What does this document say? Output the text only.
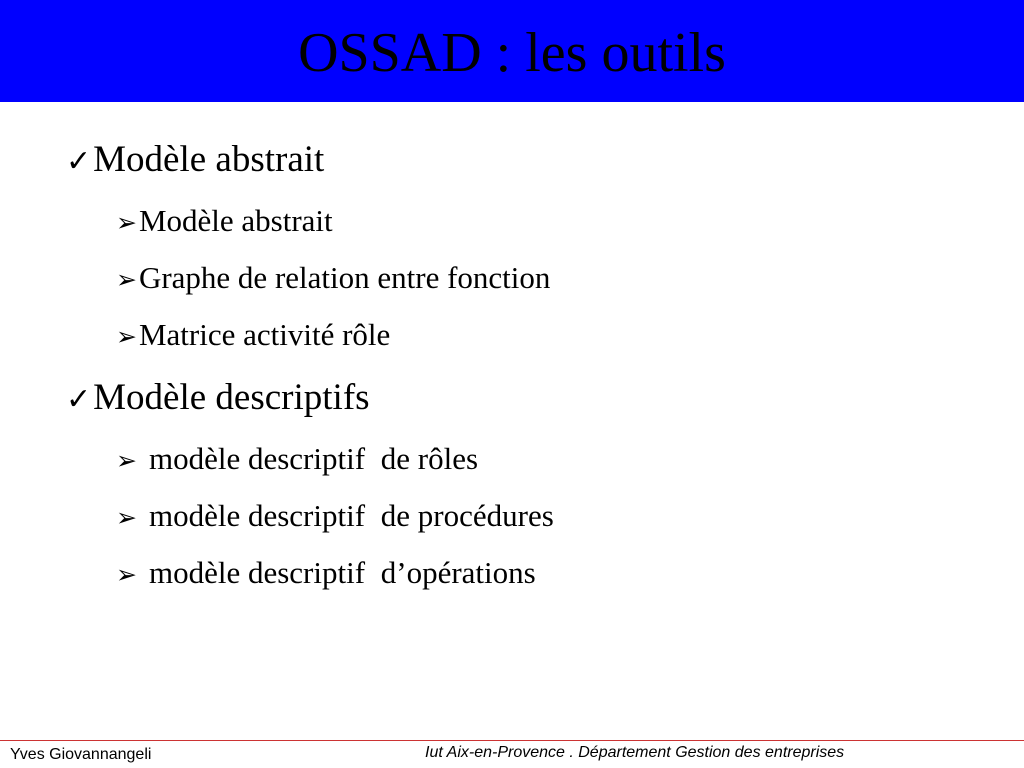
OSSAD : les outils
✓Modèle abstrait
➢Modèle abstrait
➢Graphe de relation entre fonction
➢Matrice activité rôle
✓Modèle descriptifs
➢ modèle descriptif de rôles
➢ modèle descriptif de procédures
➢ modèle descriptif d’opérations
Yves Giovannangeli	Iut Aix-en-Provence . Département Gestion des entreprises
